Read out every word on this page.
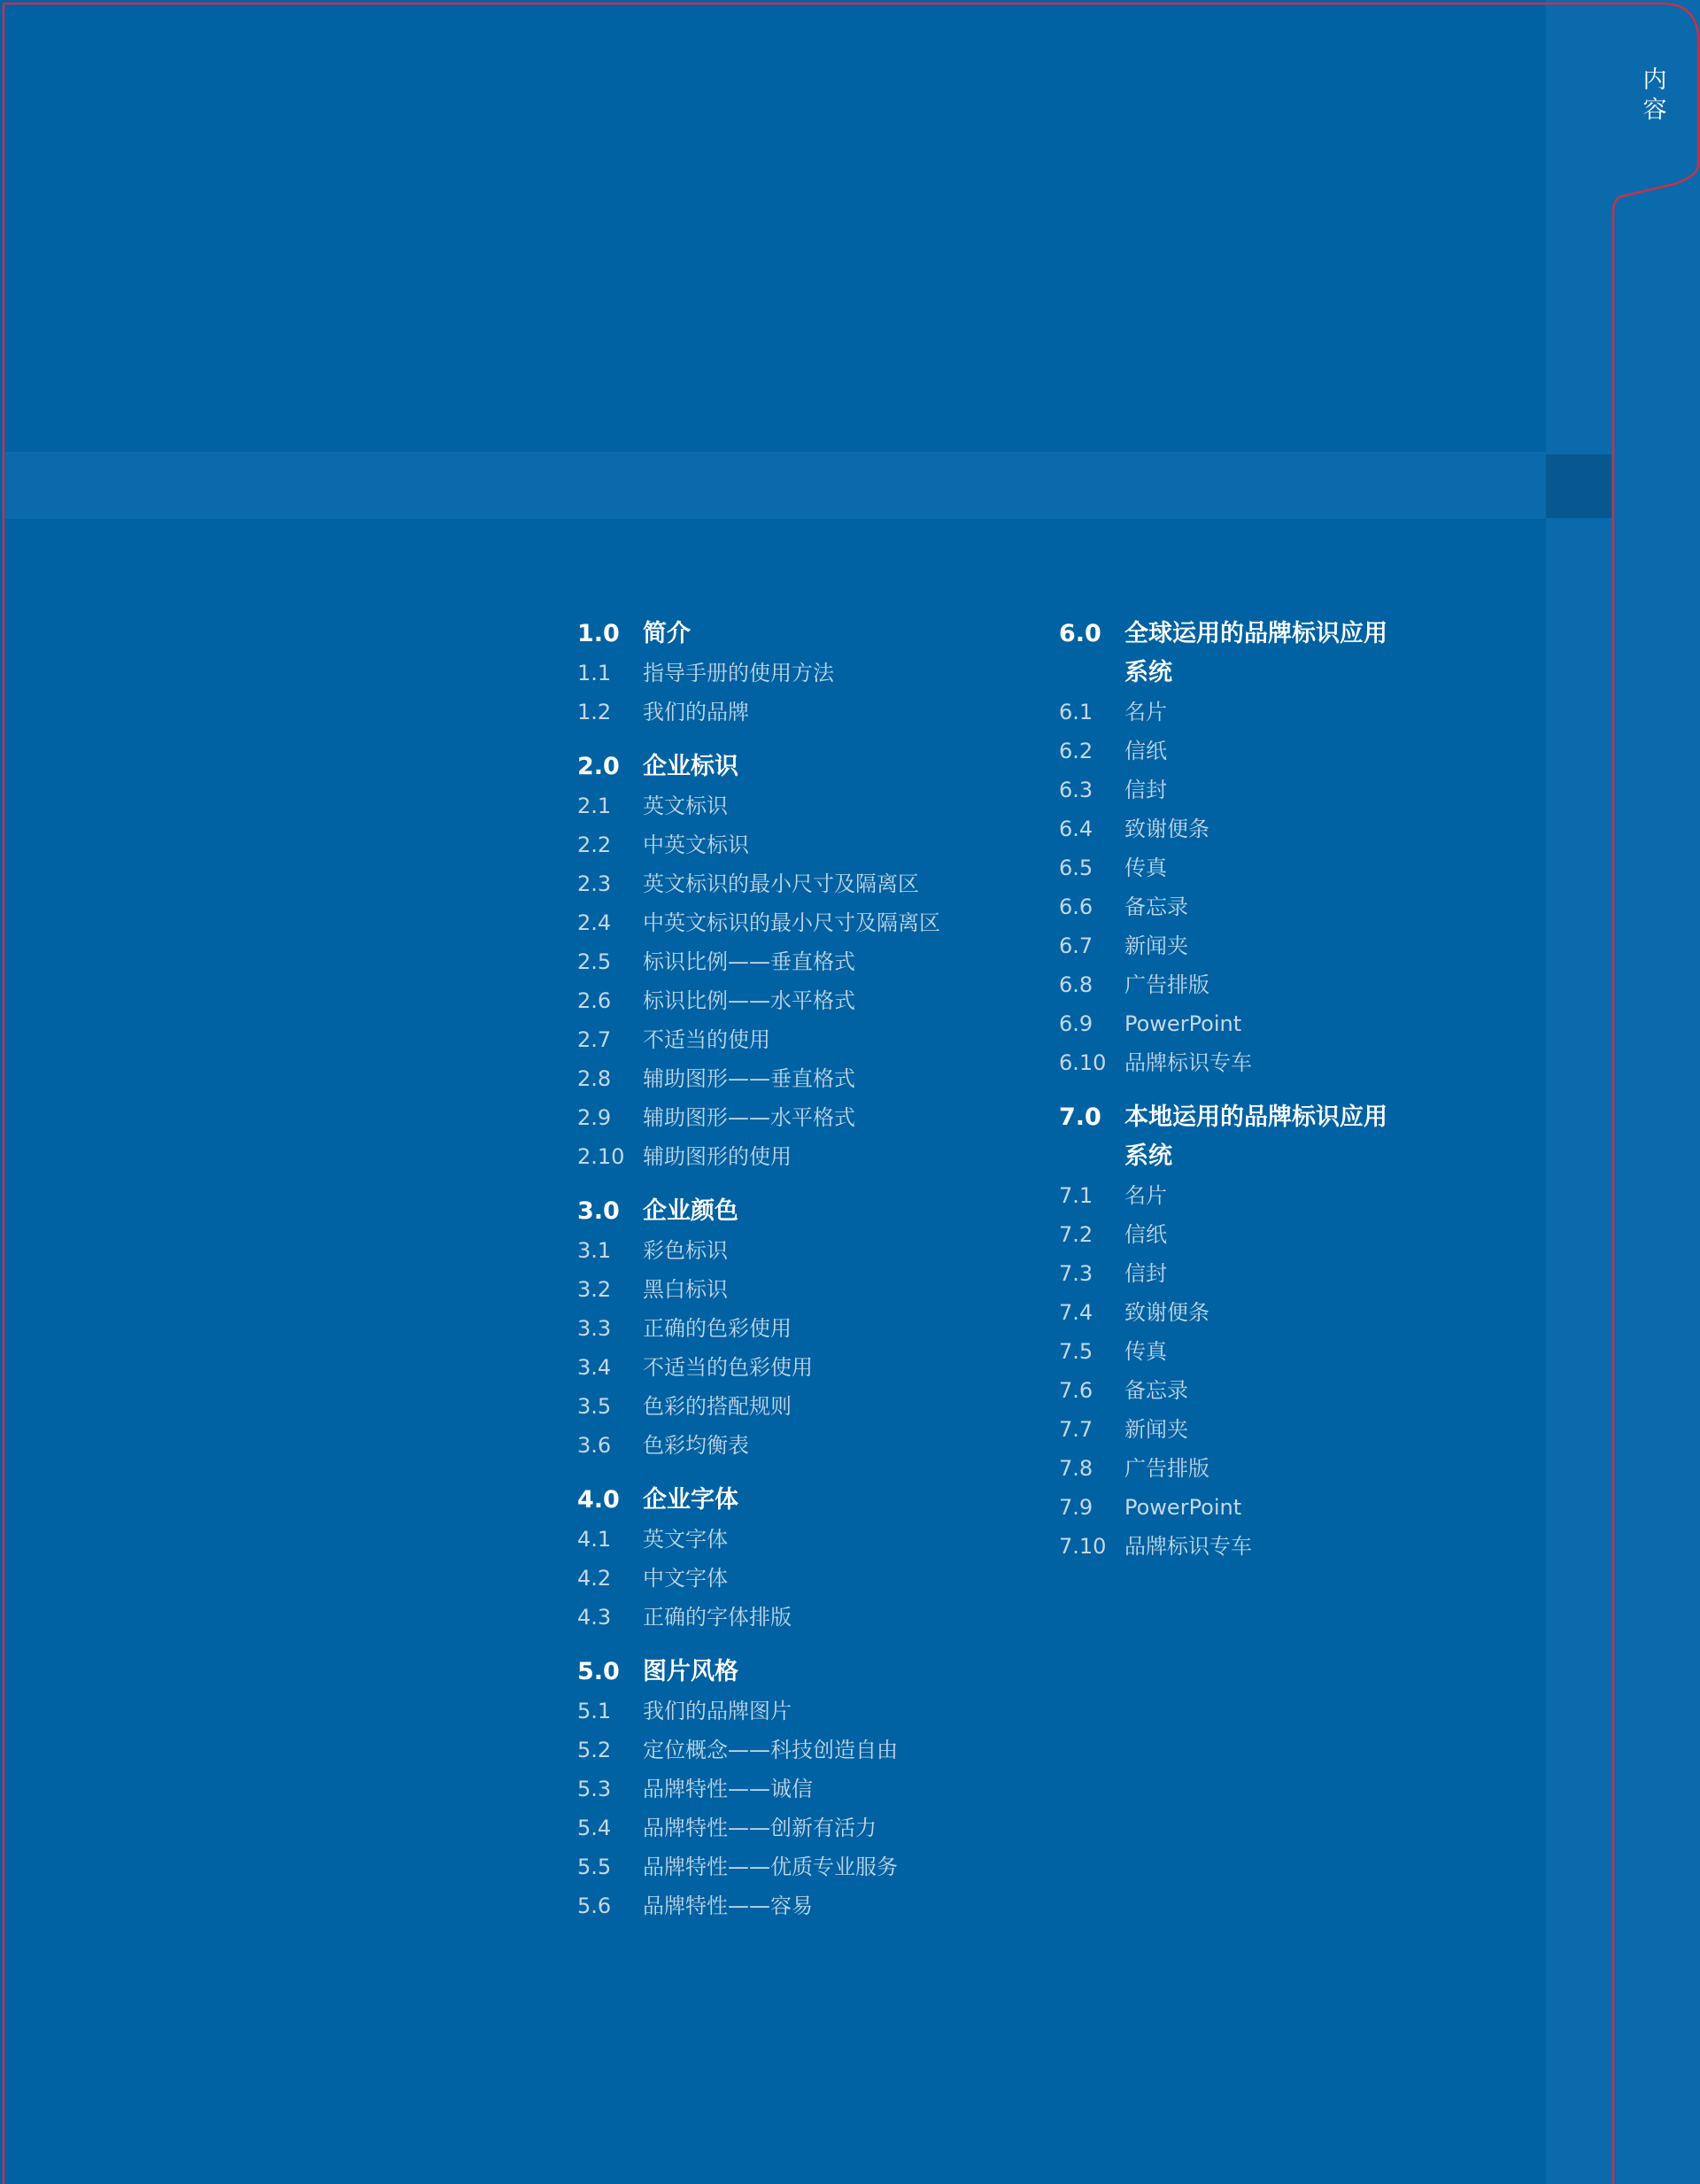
内
容
1.0 简介
1.1	指导手册的使用方法
1.2	我们的品牌
2.0 企业标识
2.1	英文标识
2.2	中英文标识
2.3	英文标识的最小尺寸及隔离区
2.4	中英文标识的最小尺寸及隔离区
2.5	标识比例——垂直格式
2.6	标识比例——水平格式
2.7	不适当的使用
2.8	辅助图形——垂直格式
2.9	辅助图形——水平格式
2.10 辅助图形的使用
3.0 企业颜色
3.1	彩色标识
3.2	黑白标识
3.3	正确的色彩使用
3.4	不适当的色彩使用
3.5	色彩的搭配规则
3.6	色彩均衡表
4.0 企业字体
4.1	英文字体
4.2	中文字体
4.3	正确的字体排版
5.0 图片风格
5.1	我们的品牌图片
5.2	定位概念——科技创造自由
5.3	品牌特性——诚信
5.4	品牌特性——创新有活力
5.5	品牌特性——优质专业服务
5.6	品牌特性——容易
6.0 全球运用的品牌标识应用
系统
6.1	名片
6.2	信纸
6.3	信封
6.4	致谢便条
6.5	传真
6.6	备忘录
6.7	新闻夹
6.8	广告排版
6.9	PowerPoint
6.10 品牌标识专车
7.0 本地运用的品牌标识应用
系统
7.1	名片
7.2	信纸
7.3	信封
7.4	致谢便条
7.5	传真
7.6	备忘录
7.7	新闻夹
7.8	广告排版
7.9	PowerPoint
7.10 品牌标识专车
